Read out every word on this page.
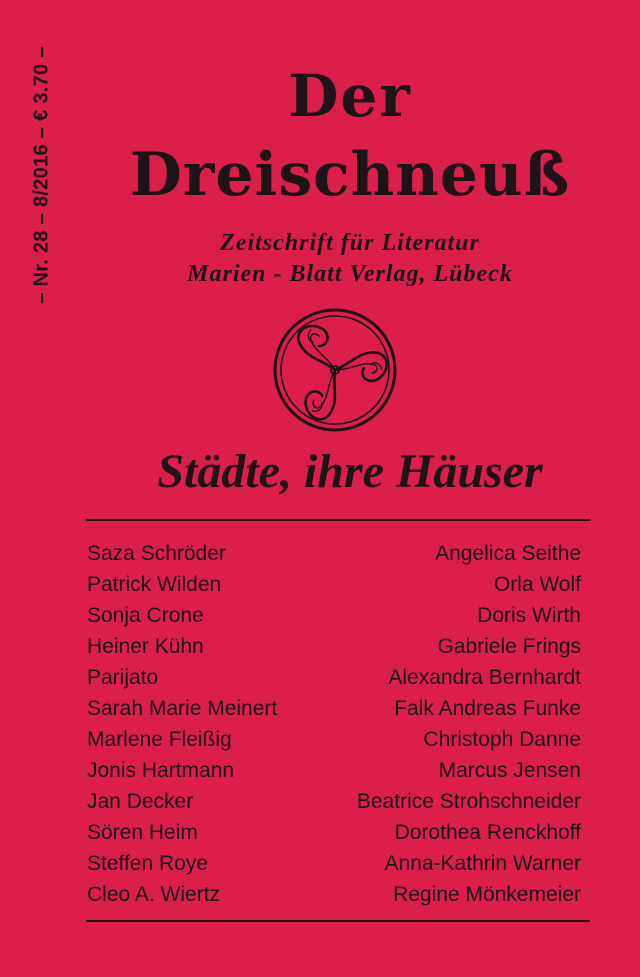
– Nr. 28 – 8/2016 – € 3.70 –	Der
Dreischneuß
Zeitschrift für Literatur
Marien - Blatt Verlag, Lübeck
Städte, ihre Häuser
Saza Schröder
Patrick Wilden
Sonja Crone
Heiner Kühn
Parijato
Sarah Marie Meinert
Marlene Fleißig
Jonis Hartmann
Jan Decker
Sören Heim
Steffen Roye
Cleo A. Wiertz
Angelica Seithe
Orla Wolf
Doris Wirth
Gabriele Frings
Alexandra Bernhardt
Falk Andreas Funke
Christoph Danne
Marcus Jensen
Beatrice Strohschneider
Dorothea Renckhoff
Anna-Kathrin Warner
Regine Mönkemeier
